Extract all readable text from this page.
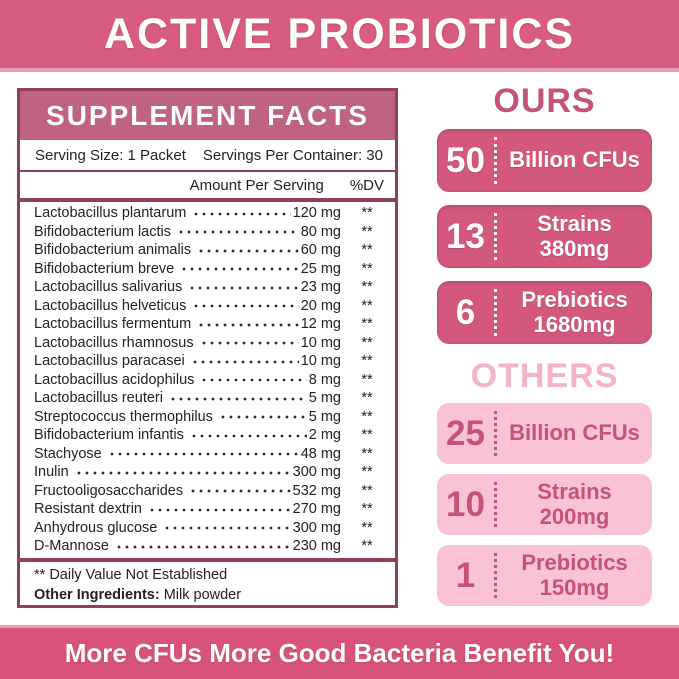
ACTIVE PROBIOTICS
SUPPLEMENT FACTS
Serving Size: 1 Packet Servings Per Container: 30
Amount Per Serving %DV
Lactobacillus plantarum	120 mg	**
Bifidobacterium lactis	80 mg	**
Bifidobacterium animalis	60 mg	**
Bifidobacterium breve	25 mg	**
Lactobacillus salivarius	23 mg	**
Lactobacillus helveticus	20 mg	**
Lactobacillus fermentum	12 mg	**
Lactobacillus rhamnosus	10 mg	**
Lactobacillus paracasei	10 mg	**
Lactobacillus acidophilus	8 mg	**
Lactobacillus reuteri	5 mg	**
Streptococcus thermophilus	5 mg	**
Bifidobacterium infantis	2 mg	**
Stachyose	48 mg	**
Inulin	300 mg	**
Fructooligosaccharides	532 mg	**
Resistant dextrin	270 mg	**
Anhydrous glucose	300 mg	**
D-Mannose	230 mg	**
** Daily Value Not Established
Other Ingredients: Milk powder
OURS
50	Billion CFUs
13	Strains 380mg
6	Prebiotics 1680mg
OTHERS
25	Billion CFUs
10	Strains 200mg
1	Prebiotics 150mg
More CFUs More Good Bacteria Benefit You!
